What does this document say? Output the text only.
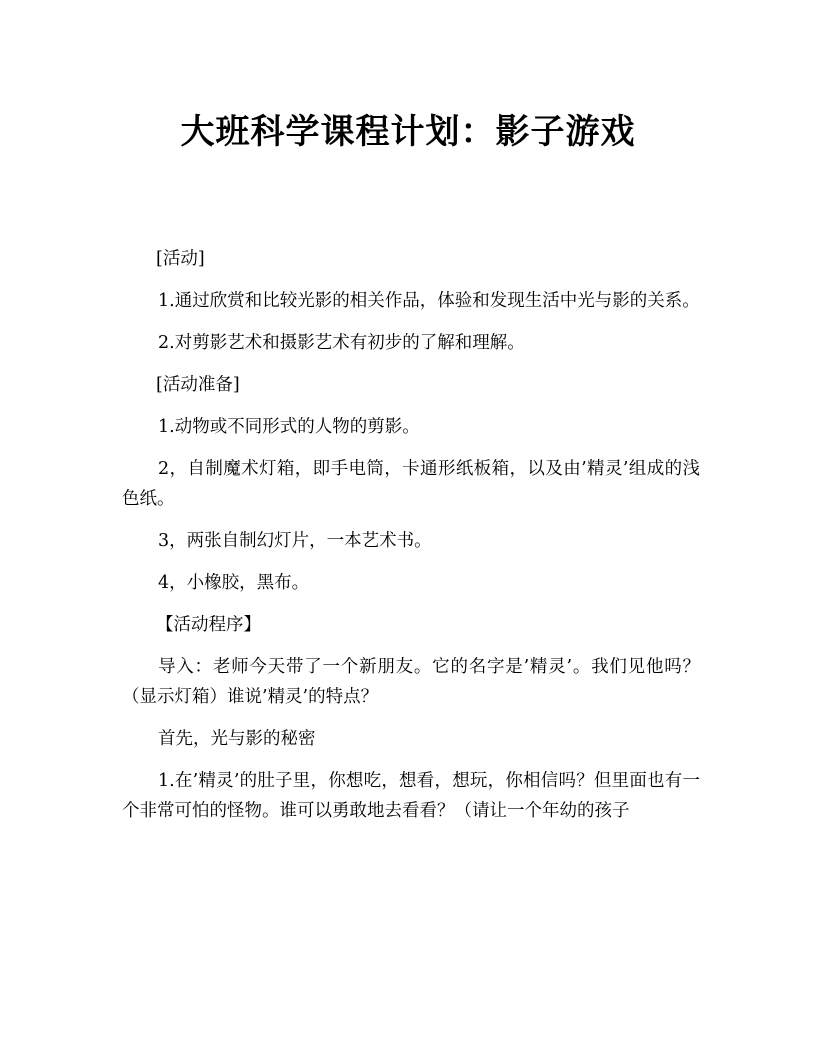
大班科学课程计划：影子游戏

[活动]

1.通过欣赏和比较光影的相关作品，体验和发现生活中光与影的关系。

2.对剪影艺术和摄影艺术有初步的了解和理解。

[活动准备]

1.动物或不同形式的人物的剪影。

2，自制魔术灯箱，即手电筒，卡通形纸板箱，以及由’精灵’组成的浅色纸。

3，两张自制幻灯片，一本艺术书。

4，小橡胶，黑布。

【活动程序】

导入：老师今天带了一个新朋友。它的名字是’精灵’。我们见他吗？（显示灯箱）谁说’精灵’的特点？

首先，光与影的秘密

1.在’精灵’的肚子里，你想吃，想看，想玩，你相信吗？但里面也有一个非常可怕的怪物。谁可以勇敢地去看看？（请让一个年幼的孩子
